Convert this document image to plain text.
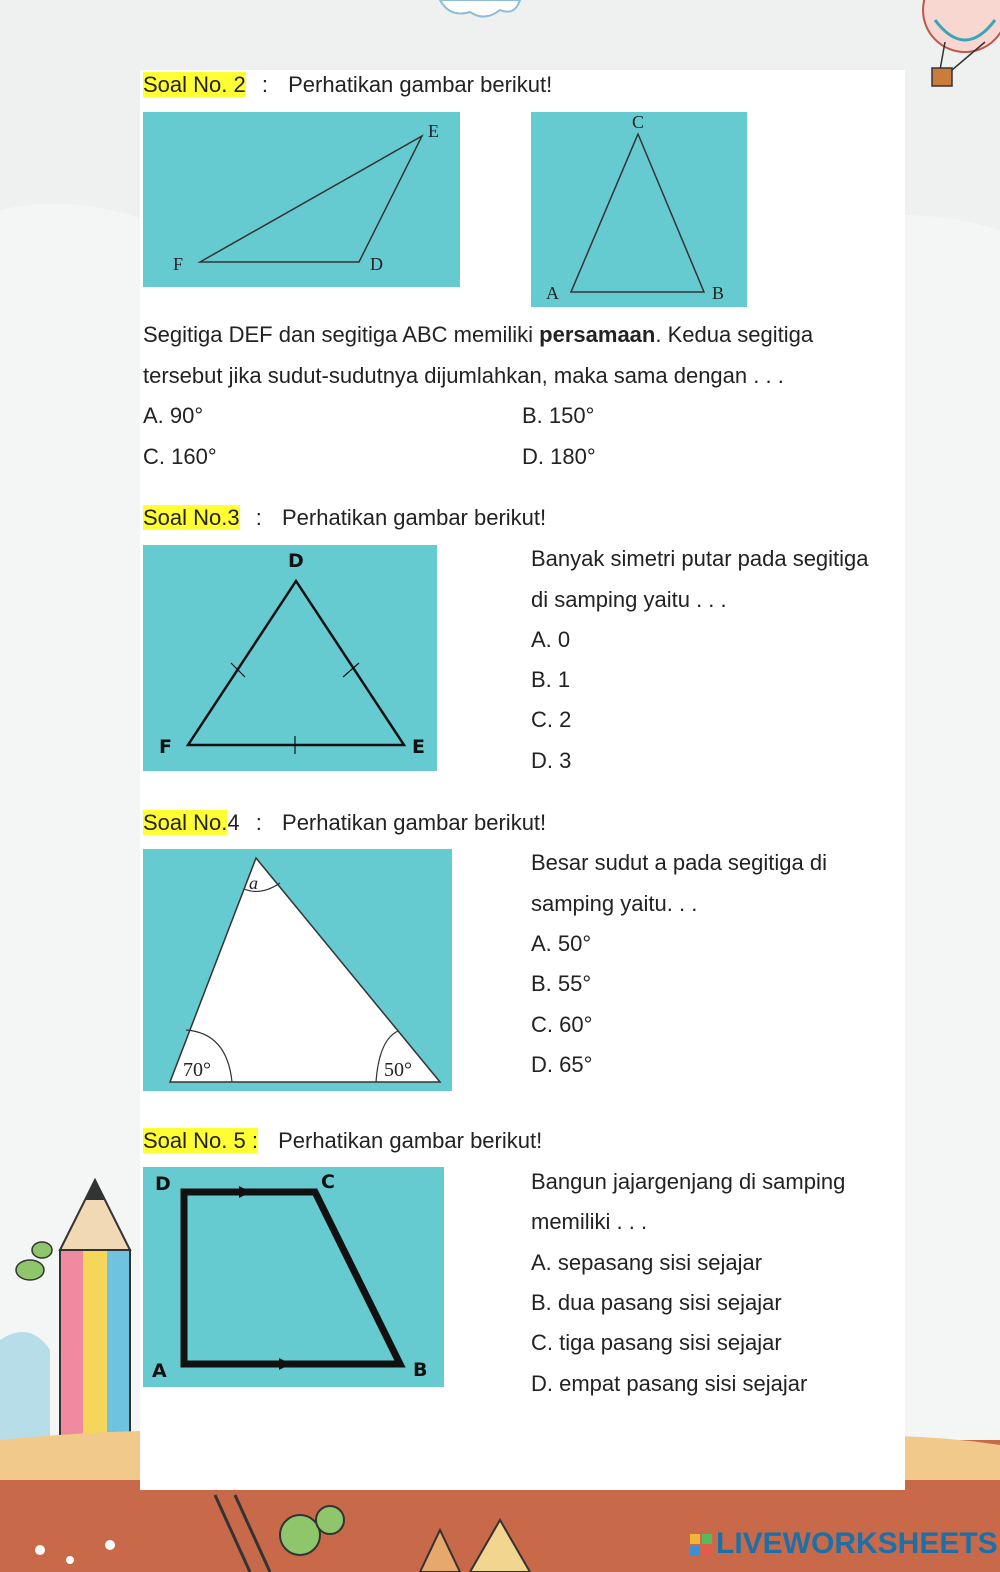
Soal No. 2 : Perhatikan gambar berikut!
E
F	D
C
A	B
Segitiga DEF dan segitiga ABC memiliki persamaan. Kedua segitiga
tersebut jika sudut-sudutnya dijumlahkan, maka sama dengan . . .
A. 90°	B. 150°
C. 160°	D. 180°
Soal No.3 : Perhatikan gambar berikut!
D
F	E
Banyak simetri putar pada segitiga
di samping yaitu . . .
A. 0
B. 1
C. 2
D. 3
Soal No.4 : Perhatikan gambar berikut!
a
70°	50°
Besar sudut a pada segitiga di
samping yaitu. . .
A. 50°
B. 55°
C. 60°
D. 65°
Soal No. 5 : Perhatikan gambar berikut!
D	C
A	B
Bangun jajargenjang di samping
memiliki . . .
A. sepasang sisi sejajar
B. dua pasang sisi sejajar
C. tiga pasang sisi sejajar
D. empat pasang sisi sejajar
LIVEWORKSHEETS
